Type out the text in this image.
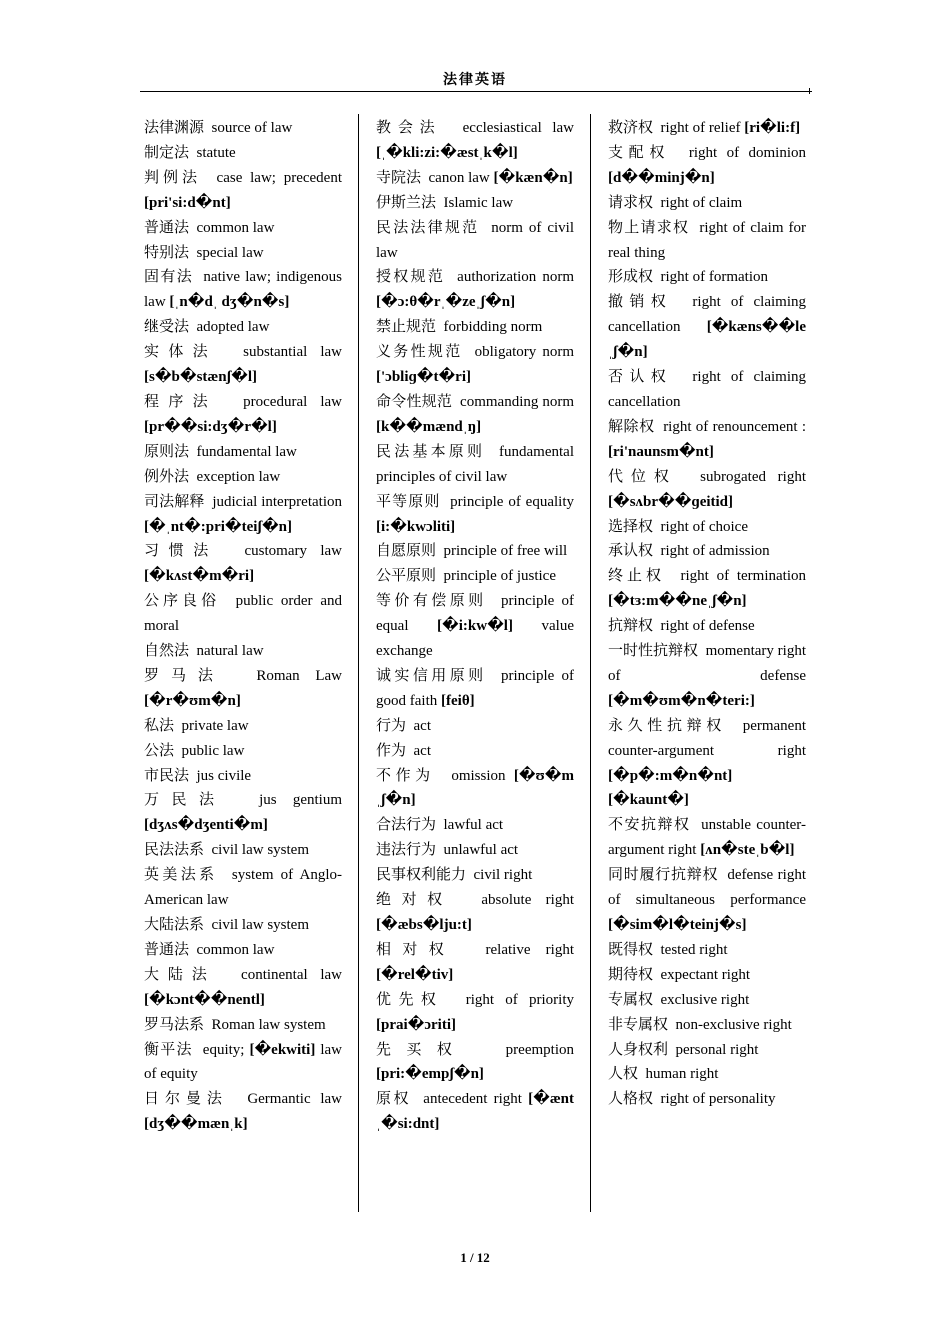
法律英语

法律渊源 source of law

制定法 statute

判例法 case law; precedent [pri'si:d�nt]

普通法 common law

特别法 special law

固有法 native law; indigenous law [ˌn�dˌ dʒ�n�s]

继受法 adopted law

实体法 substantial law [s�b�stænʃ�l]

程序法 procedural law [pr��si:dʒ�r�l]

原则法 fundamental law

例外法 exception law

司法解释 judicial interpretation [�ˌnt�:pri�teiʃ�n]

习惯法 customary law [�kʌst�m�ri]

公序良俗 public order and moral

自然法 natural law

罗马法 Roman Law [�r�ʊm�n]

私法 private law

公法 public law

市民法 jus civile

万民法 jus gentium [dʒʌs�dʒenti�m]

民法法系 civil law system

英美法系 system of Anglo-American law

大陆法系 civil law system

普通法 common law

大陆法 continental law [�kɔnt��nentl]

罗马法系 Roman law system

衡平法 equity; [�ekwiti] law of equity

日尔曼法 Germantic law [dʒ��mænˌk]

教会法 ecclesiastical law [ˌ�kli:zi:�æstˌk�l]

寺院法 canon law [�kæn�n]

伊斯兰法 Islamic law

民法法律规范 norm of civil law

授权规范 authorization norm [�ɔ:θ�rˌ�zeˌʃ�n]

禁止规范 forbidding norm

义务性规范 obligatory norm ['ɔbliɡ�t�ri]

命令性规范 commanding norm [k��mændˌŋ]

民法基本原则 fundamental principles of civil law

平等原则 principle of equality [i:�kwɔliti]

自愿原则 principle of free will

公平原则 principle of justice

等价有偿原则 principle of equal [�i:kw�l] value exchange

诚实信用原则 principle of good faith [feiθ]

行为 act

作为 act

不作为 omission [�ʊ�mˌʃ�n]

合法行为 lawful act

违法行为 unlawful act

民事权利能力 civil right

绝对权 absolute right [�æbs�lju:t]

相对权 relative right [�rel�tiv]

优先权 right of priority [prai�ɔriti]

先买权	preemption [pri:�empʃ�n]

原权 antecedent right [�æntˌ�si:dnt]

救济权 right of relief [ri�li:f]

支配权 right of dominion [d��minj�n]

请求权 right of claim

物上请求权 right of claim for real thing

形成权 right of formation

撤销权 right of claiming cancellation [�kæns��leˌʃ�n]

否认权 right of claiming cancellation

解除权 right of renouncement : [ri'naunsm�nt]

代位权 subrogated right [�sʌbr��ɡeitid]

选择权 right of choice

承认权 right of admission

终止权 right of termination [�tɜ:m��neˌʃ�n]

抗辩权 right of defense

一时性抗辩权 momentary right of defense [�m�ʊm�n�teri:]

永久性抗辩权 permanent counter-argument right [�p�:m�n�nt] [�kaunt�]

不安抗辩权 unstable counter-argument right [ʌn�steˌb�l]

同时履行抗辩权 defense right of simultaneous performance [�sim�l�teinj�s]

既得权 tested right

期待权 expectant right

专属权 exclusive right

非专属权 non-exclusive right

人身权利 personal right

人权 human right

人格权 right of personality

1 / 12
